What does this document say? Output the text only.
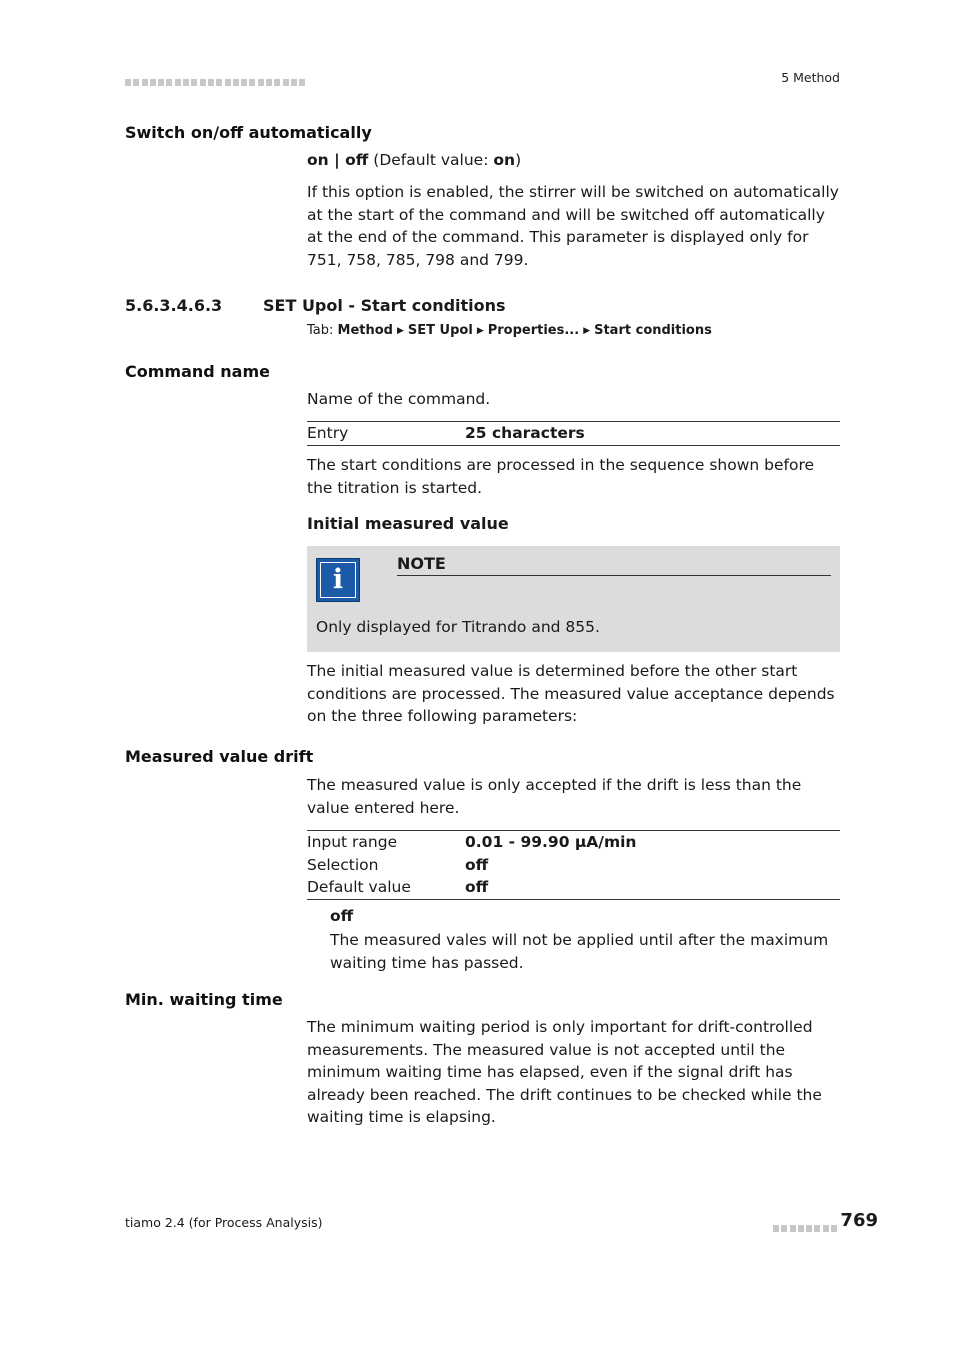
5 Method
Switch on/off automatically
on | off (Default value: on)
If this option is enabled, the stirrer will be switched on automatically at the start of the command and will be switched off automatically at the end of the command. This parameter is displayed only for 751, 758, 785, 798 and 799.
5.6.3.4.6.3	SET Upol - Start conditions
Tab: Method ▶ SET Upol ▶ Properties... ▶ Start conditions
Command name
Name of the command.
Entry	25 characters
The start conditions are processed in the sequence shown before the titration is started.
Initial measured value
i
NOTE
Only displayed for Titrando and 855.
The initial measured value is determined before the other start conditions are processed. The measured value acceptance depends on the three following parameters:
Measured value drift
The measured value is only accepted if the drift is less than the value entered here.
Input range	0.01 - 99.90 µA/min
Selection	off
Default value	off
off
The measured vales will not be applied until after the maximum waiting time has passed.
Min. waiting time
The minimum waiting period is only important for drift-controlled measurements. The measured value is not accepted until the minimum waiting time has elapsed, even if the signal drift has already been reached. The drift continues to be checked while the waiting time is elapsing.
tiamo 2.4 (for Process Analysis)	769
